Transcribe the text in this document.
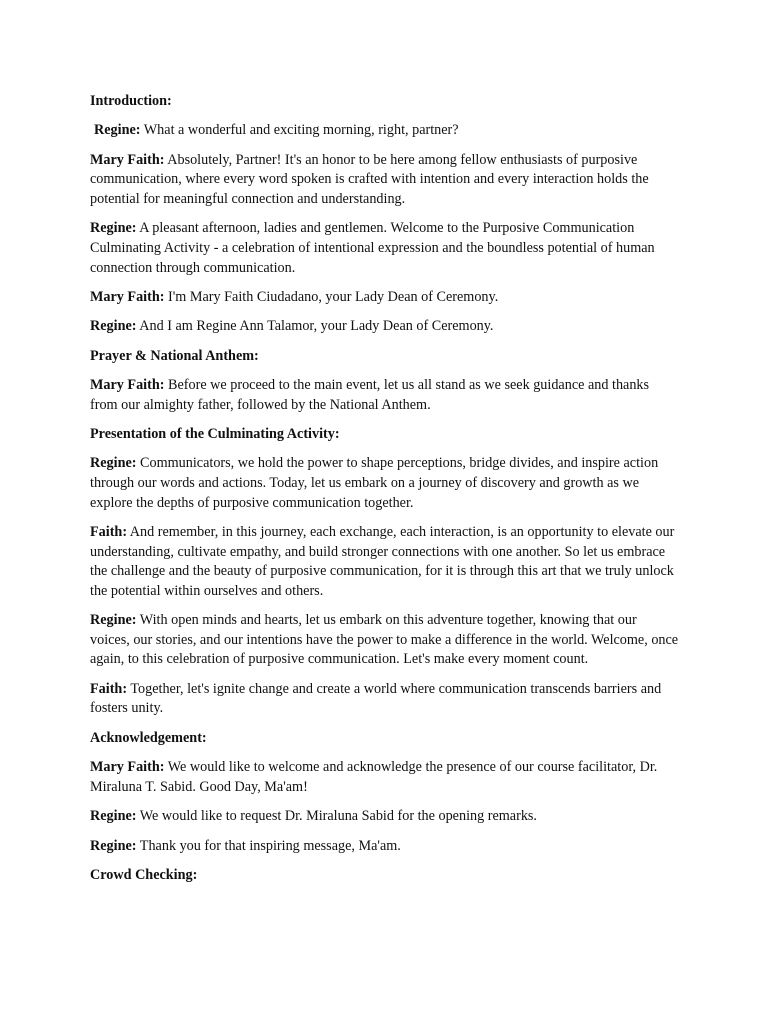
Introduction:

Regine: What a wonderful and exciting morning, right, partner?

Mary Faith: Absolutely, Partner! It's an honor to be here among fellow enthusiasts of purposive communication, where every word spoken is crafted with intention and every interaction holds the potential for meaningful connection and understanding.

Regine: A pleasant afternoon, ladies and gentlemen. Welcome to the Purposive Communication Culminating Activity - a celebration of intentional expression and the boundless potential of human connection through communication.

Mary Faith: I'm Mary Faith Ciudadano, your Lady Dean of Ceremony.

Regine: And I am Regine Ann Talamor, your Lady Dean of Ceremony.

Prayer & National Anthem:

Mary Faith: Before we proceed to the main event, let us all stand as we seek guidance and thanks from our almighty father, followed by the National Anthem.

Presentation of the Culminating Activity:

Regine: Communicators, we hold the power to shape perceptions, bridge divides, and inspire action through our words and actions. Today, let us embark on a journey of discovery and growth as we explore the depths of purposive communication together.

Faith: And remember, in this journey, each exchange, each interaction, is an opportunity to elevate our understanding, cultivate empathy, and build stronger connections with one another. So let us embrace the challenge and the beauty of purposive communication, for it is through this art that we truly unlock the potential within ourselves and others.

Regine: With open minds and hearts, let us embark on this adventure together, knowing that our voices, our stories, and our intentions have the power to make a difference in the world. Welcome, once again, to this celebration of purposive communication. Let's make every moment count.

Faith: Together, let's ignite change and create a world where communication transcends barriers and fosters unity.

Acknowledgement:

Mary Faith: We would like to welcome and acknowledge the presence of our course facilitator, Dr. Miraluna T. Sabid. Good Day, Ma'am!

Regine: We would like to request Dr. Miraluna Sabid for the opening remarks.

Regine: Thank you for that inspiring message, Ma'am.

Crowd Checking:
